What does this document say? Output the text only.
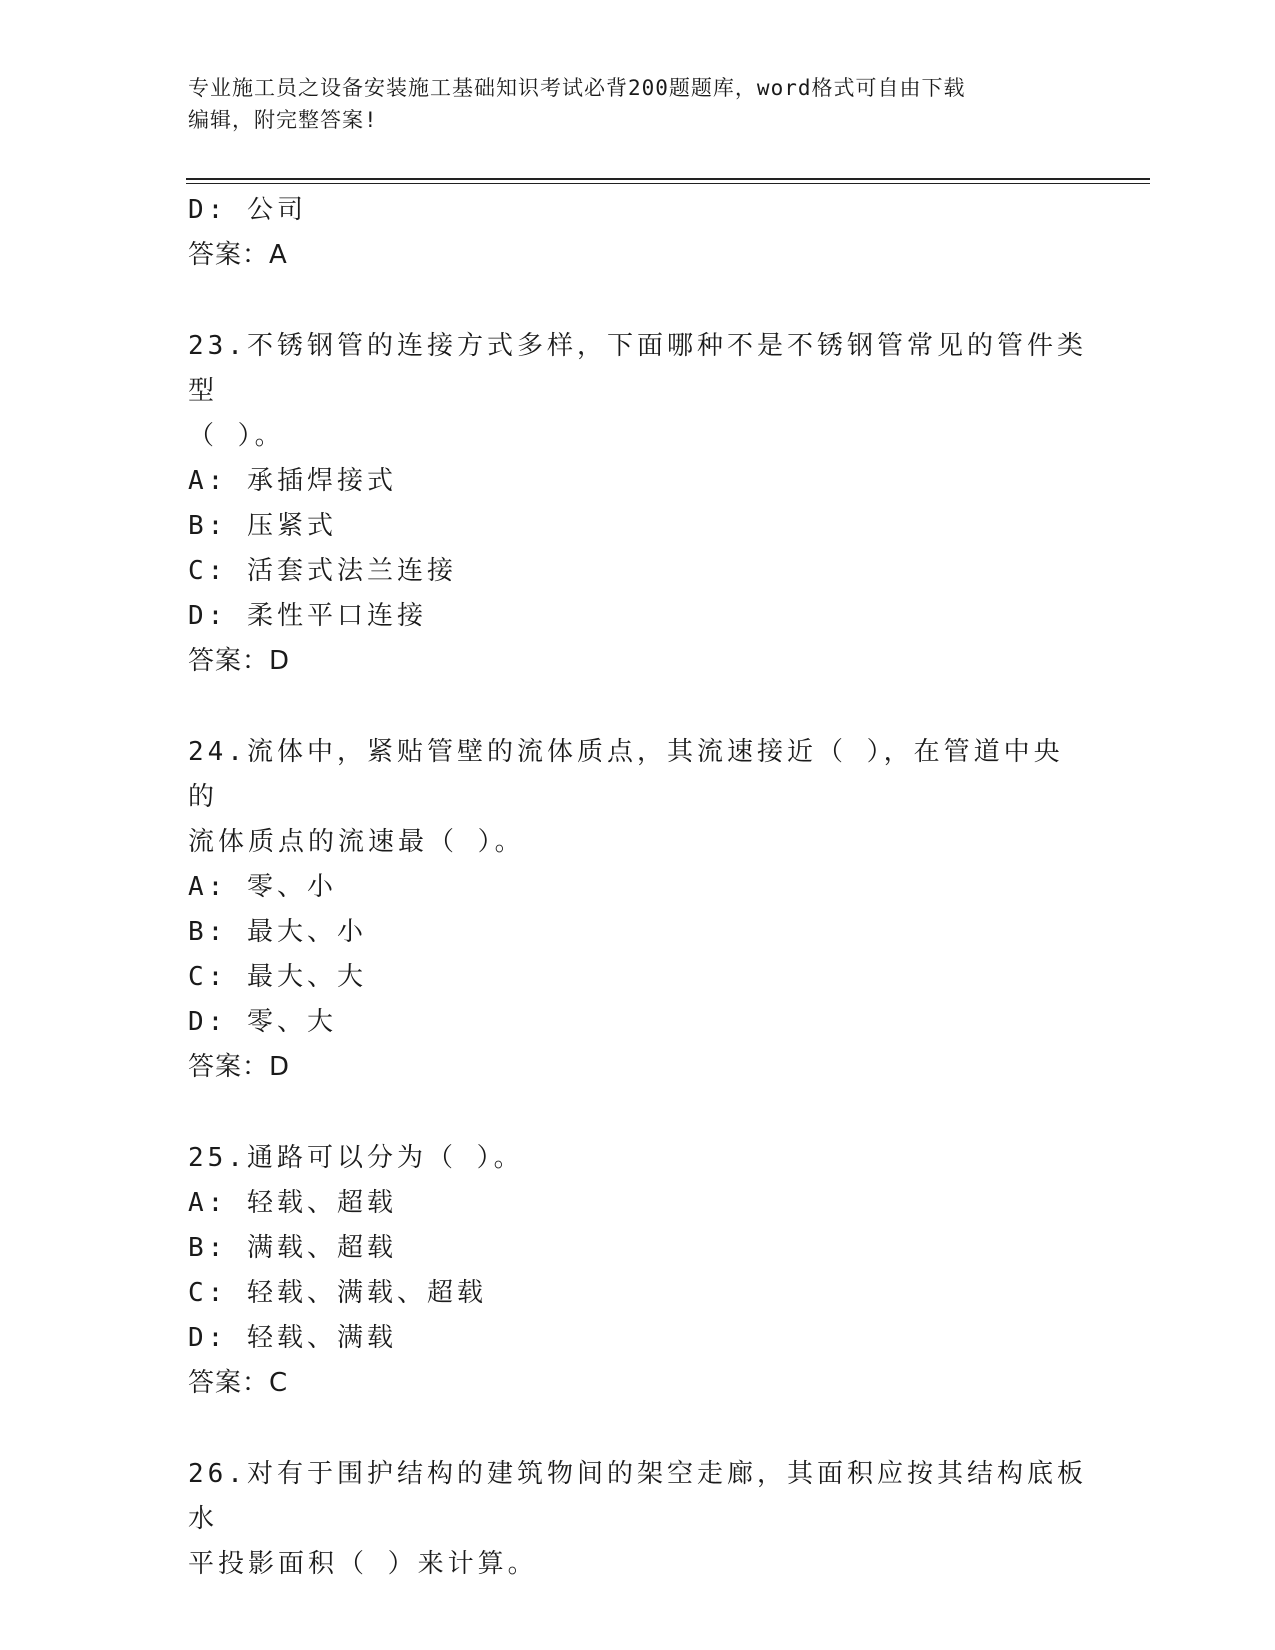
专业施工员之设备安装施工基础知识考试必背200题题库，word格式可自由下载

编辑，附完整答案!

D: 公司

答案：A

23.不锈钢管的连接方式多样，下面哪种不是不锈钢管常见的管件类型

（ ）。

A: 承插焊接式

B: 压紧式

C: 活套式法兰连接

D: 柔性平口连接

答案：D

24.流体中，紧贴管壁的流体质点，其流速接近（ ），在管道中央的

流体质点的流速最（ ）。

A: 零、小

B: 最大、小

C: 最大、大

D: 零、大

答案：D

25.通路可以分为（ ）。

A: 轻载、超载

B: 满载、超载

C: 轻载、满载、超载

D: 轻载、满载

答案：C

26.对有于围护结构的建筑物间的架空走廊，其面积应按其结构底板水

平投影面积（ ）来计算。
